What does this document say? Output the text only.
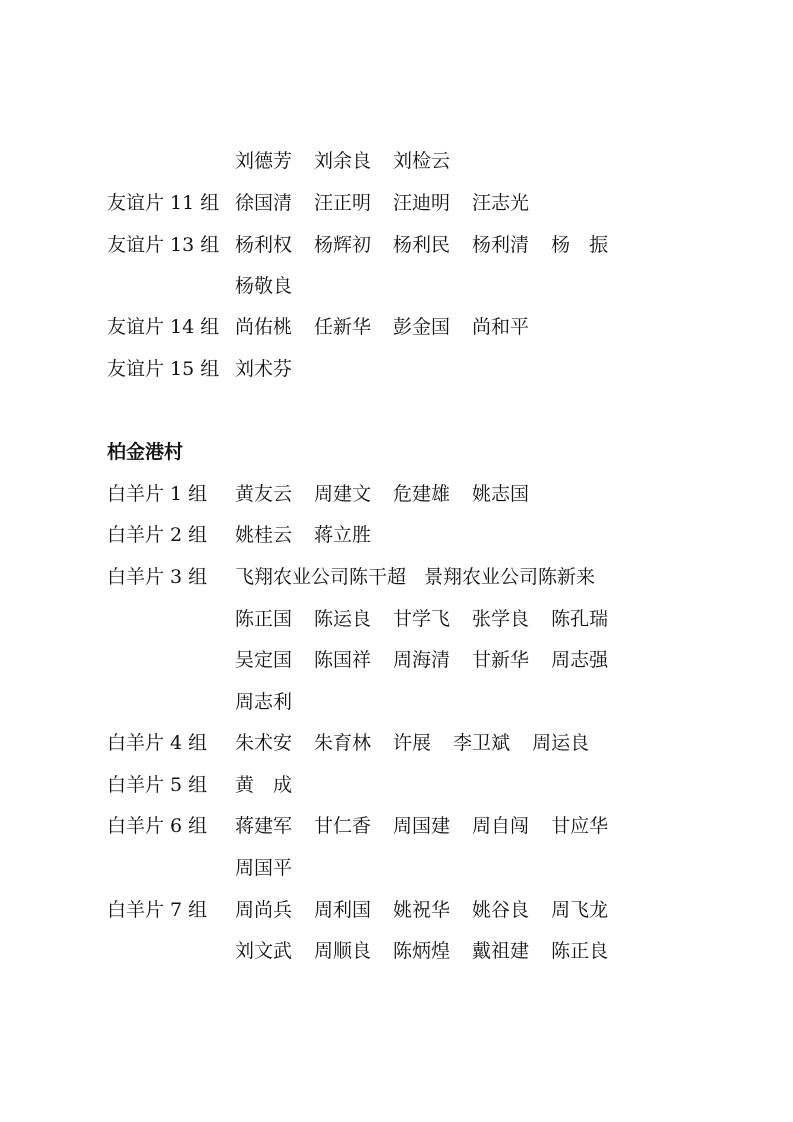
刘德芳 刘余良 刘检云
友谊片 11 组 徐国清 汪正明 汪迪明 汪志光
友谊片 13 组 杨利权 杨辉初 杨利民 杨利清 杨　振
杨敬良
友谊片 14 组 尚佑桃 任新华 彭金国 尚和平
友谊片 15 组 刘术芬
柏金港村
白羊片 1 组 黄友云 周建文 危建雄 姚志国
白羊片 2 组 姚桂云 蒋立胜
白羊片 3 组 飞翔农业公司陈干超 景翔农业公司陈新来
陈正国 陈运良 甘学飞 张学良 陈孔瑞
吴定国 陈国祥 周海清 甘新华 周志强
周志利
白羊片 4 组 朱术安 朱育林 许展 李卫斌 周运良
白羊片 5 组 黄　成
白羊片 6 组 蒋建军 甘仁香 周国建 周自闯 甘应华
周国平
白羊片 7 组 周尚兵 周利国 姚祝华 姚谷良 周飞龙
刘文武 周顺良 陈炳煌 戴祖建 陈正良
